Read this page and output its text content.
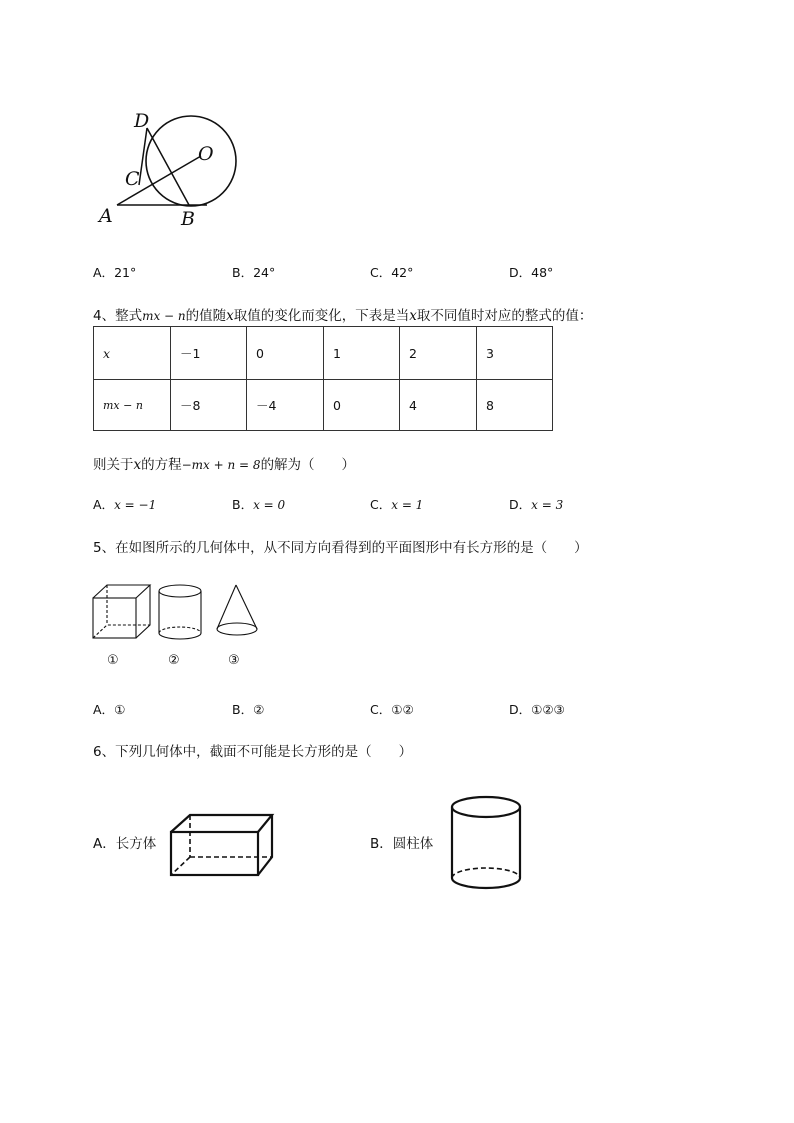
D
O
C
A	B
A．21°	B．24°	C．42°	D．48°
4、整式mx − n的值随x取值的变化而变化，下表是当x取不同值时对应的整式的值：
x	－1	0	1	2	3
mx − n	－8	－4	0	4	8
则关于x的方程−mx + n = 8的解为（　　）
A．x = −1	B．x = 0	C．x = 1	D．x = 3
5、在如图所示的几何体中，从不同方向看得到的平面图形中有长方形的是（　　）
①	②	③
A．①	B．②	C．①②	D．①②③
6、下列几何体中，截面不可能是长方形的是（　　）
A．长方体	B．圆柱体
